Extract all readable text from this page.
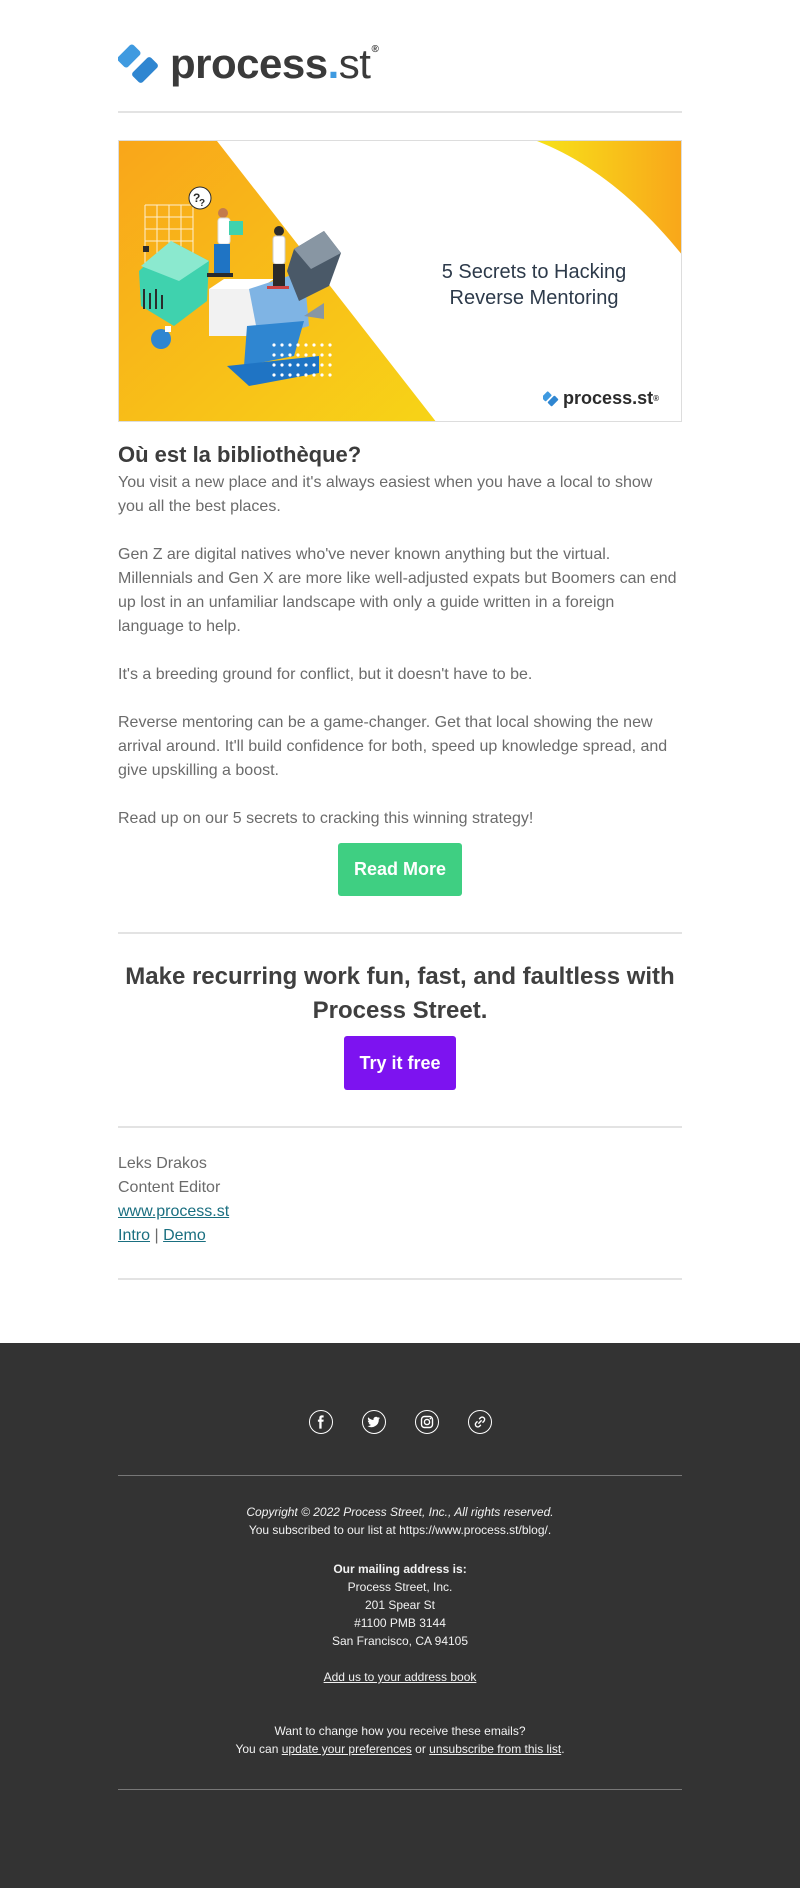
process.st®
?
?
5 Secrets to Hacking
Reverse Mentoring
process.st ®
Où est la bibliothèque?

You visit a new place and it's always easiest when you have a local to show you all the best places.

Gen Z are digital natives who've never known anything but the virtual. Millennials and Gen X are more like well-adjusted expats but Boomers can end up lost in an unfamiliar landscape with only a guide written in a foreign language to help.

It's a breeding ground for conflict, but it doesn't have to be.

Reverse mentoring can be a game-changer. Get that local showing the new arrival around. It'll build confidence for both, speed up knowledge spread, and give upskilling a boost.

Read up on our 5 secrets to cracking this winning strategy!

Read More
Make recurring work fun, fast, and faultless with Process Street.
Try it free
Leks Drakos
Content Editor
www.process.st
Intro | Demo
Copyright © 2022 Process Street, Inc., All rights reserved.
You subscribed to our list at https://www.process.st/blog/.
Our mailing address is:
Process Street, Inc.
201 Spear St
#1100 PMB 3144
San Francisco, CA 94105
Add us to your address book
Want to change how you receive these emails?
You can update your preferences or unsubscribe from this list.
